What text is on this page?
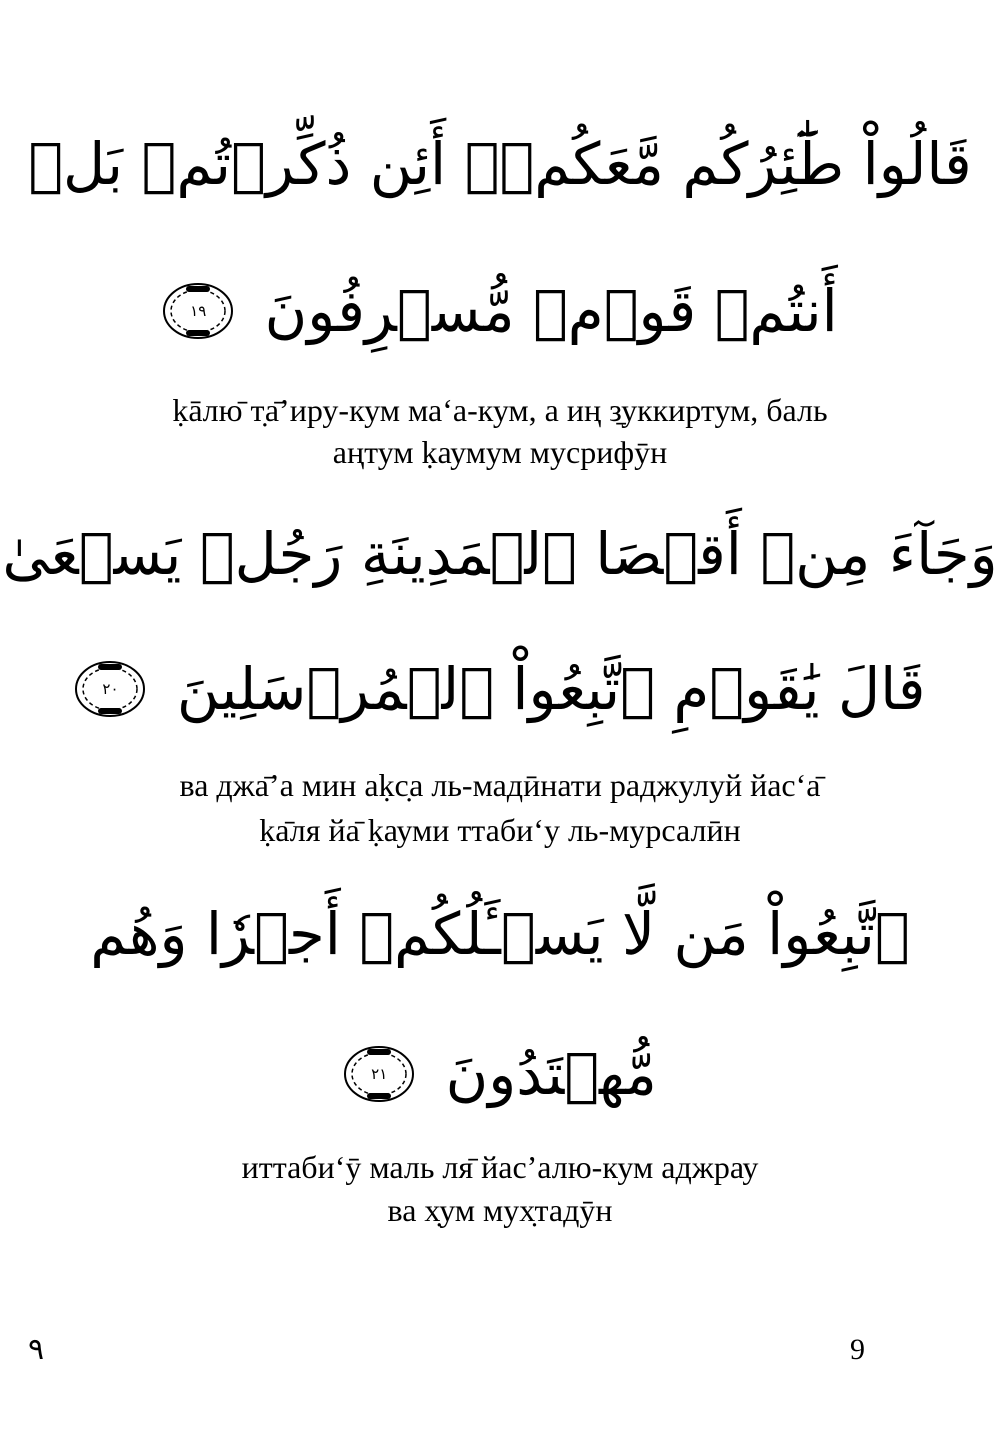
قَالُواْ طَٰٓئِرُكُم مَّعَكُمۡۚ أَئِن ذُكِّرۡتُمۚ بَلۡ
أَنتُمۡ قَوۡمٞ مُّسۡرِفُونَ
١٩
ḳāлю̄ т̣а̄ʼиру-кум маʻа-кум, а иң з̱уккиртум, баль
аңтум ḳаумум мусрифӯн
وَجَآءَ مِنۡ أَقۡصَا ٱلۡمَدِينَةِ رَجُلٞ يَسۡعَىٰ
قَالَ يَٰقَوۡمِ ٱتَّبِعُواْ ٱلۡمُرۡسَلِينَ
٢٠
ва джа̄ʼа мин аḳс̣а ль-мадӣнати раджулуй йасʻа̄
ḳа̄ля йа̄ ḳауми ттабиʻу ль-мурсалӣн
ٱتَّبِعُواْ مَن لَّا يَسۡـَٔلُكُمۡ أَجۡرٗا وَهُم
مُّهۡتَدُونَ
٢١
иттабиʻӯ маль ля̄ йасʼалю-кум аджрау
ва х̣ум мух̣тадӯн
٩	9
